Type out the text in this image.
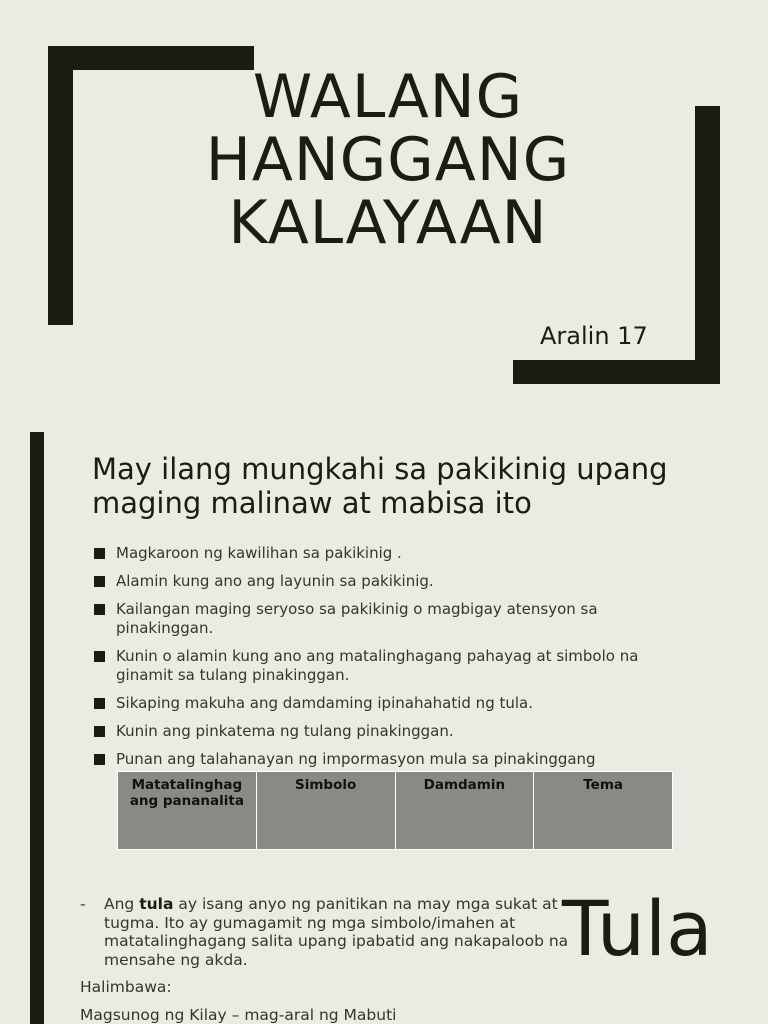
WALANG
HANGGANG
KALAYAAN
Aralin 17
May ilang mungkahi sa pakikinig upang maging malinaw at mabisa ito
Magkaroon ng kawilihan sa pakikinig .
Alamin kung ano ang layunin sa pakikinig.
Kailangan maging seryoso sa pakikinig o magbigay atensyon sa pinakinggan.
Kunin o alamin kung ano ang matalinghagang pahayag at simbolo na ginamit sa tulang pinakinggan.
Sikaping makuha ang damdaming ipinahahatid ng tula.
Kunin ang pinkatema ng tulang pinakinggan.
Punan ang talahanayan ng impormasyon mula sa pinakinggang
Matatalinghag ang pananalita	Simbolo	Damdamin	Tema
- Ang tula ay isang anyo ng panitikan na may mga sukat at tugma. Ito ay gumagamit ng mga simbolo/imahen at matatalinghagang salita upang ipabatid ang nakapaloob na mensahe ng akda.
Halimbawa:
Magsunog ng Kilay – mag-aral ng Mabuti
Tula
